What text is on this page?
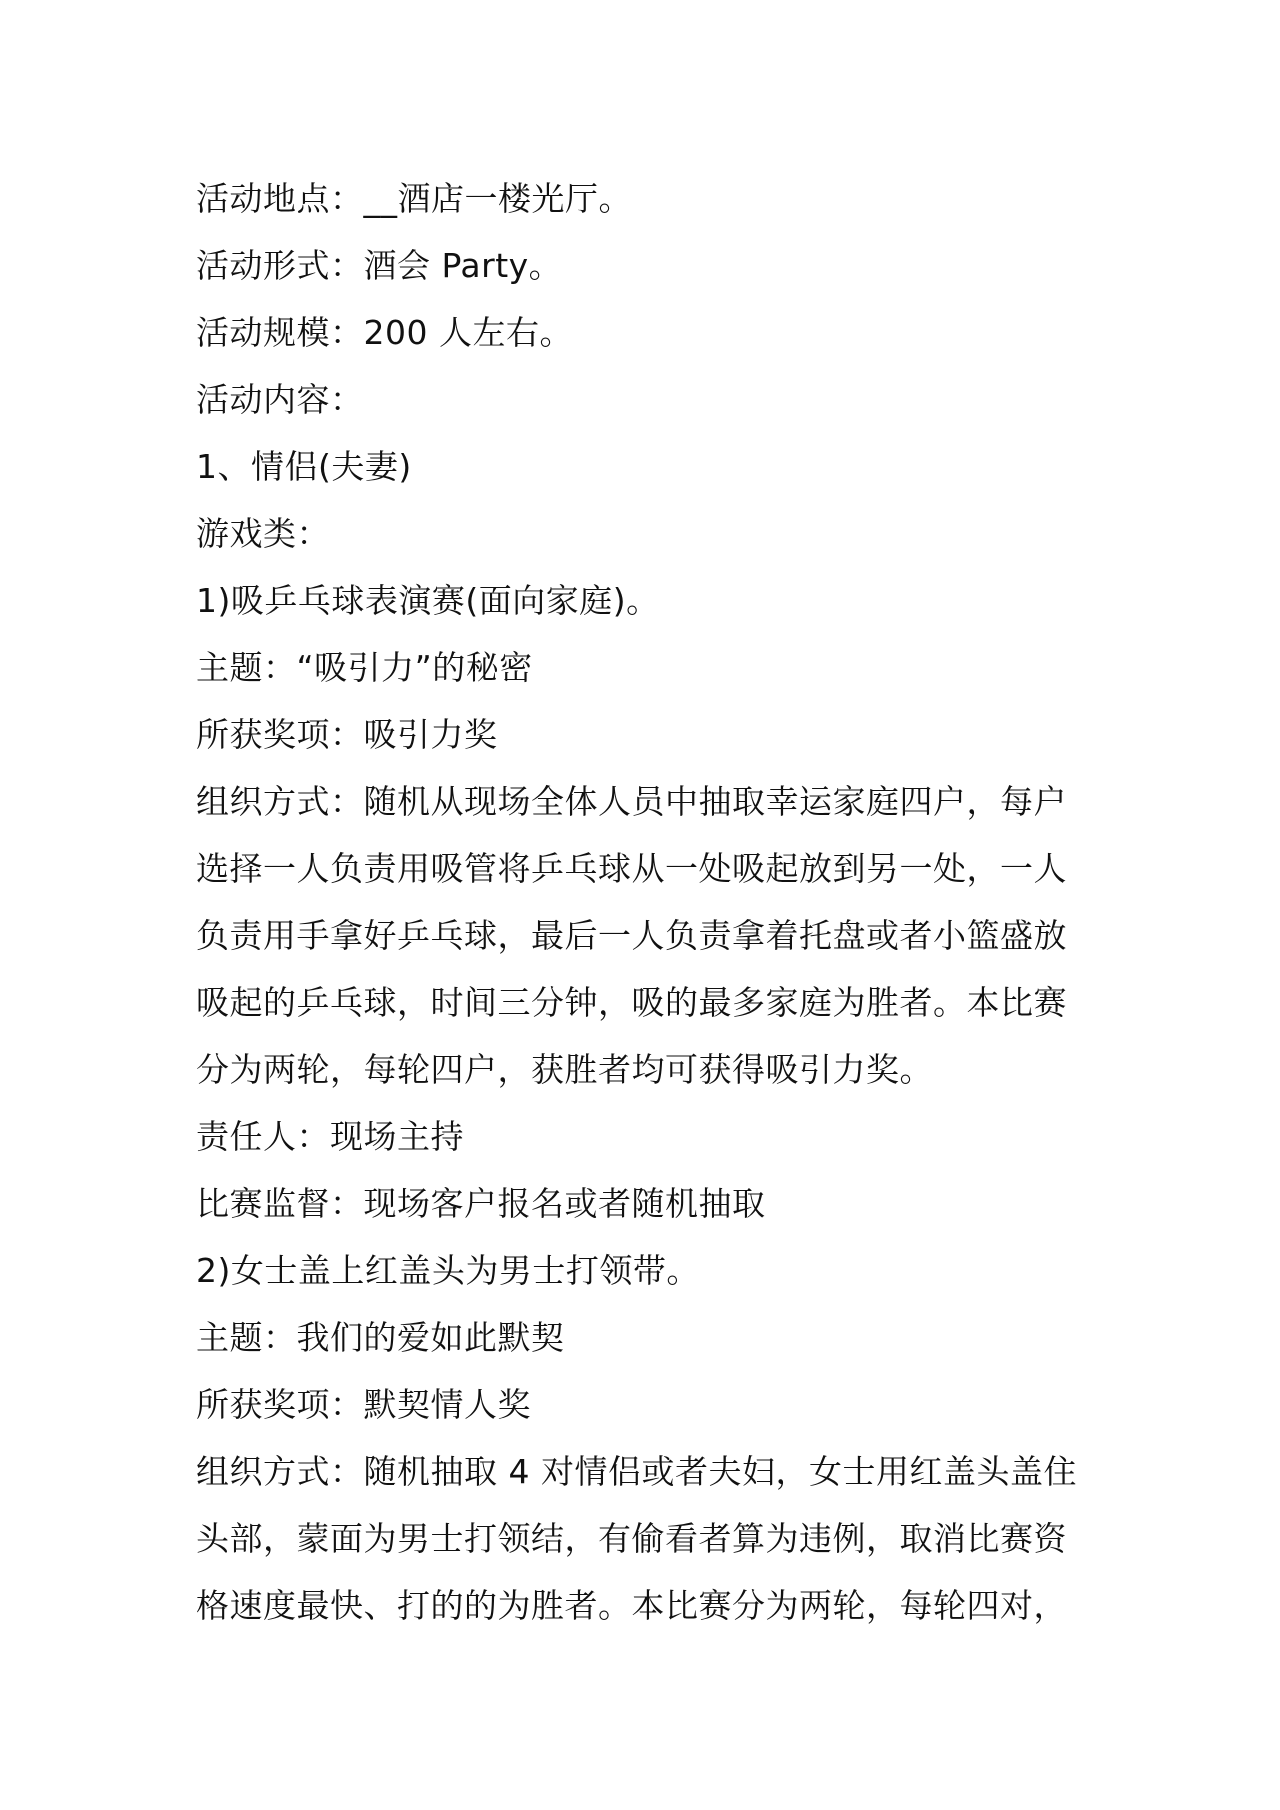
活动地点：__酒店一楼光厅。
活动形式：酒会 Party。
活动规模：200 人左右。
活动内容：
1、情侣(夫妻)
游戏类：
1)吸乒乓球表演赛(面向家庭)。
主题：“吸引力”的秘密
所获奖项：吸引力奖
组织方式：随机从现场全体人员中抽取幸运家庭四户，每户
选择一人负责用吸管将乒乓球从一处吸起放到另一处，一人
负责用手拿好乒乓球，最后一人负责拿着托盘或者小篮盛放
吸起的乒乓球，时间三分钟，吸的最多家庭为胜者。本比赛
分为两轮，每轮四户，获胜者均可获得吸引力奖。
责任人：现场主持
比赛监督：现场客户报名或者随机抽取
2)女士盖上红盖头为男士打领带。
主题：我们的爱如此默契
所获奖项：默契情人奖
组织方式：随机抽取 4 对情侣或者夫妇，女士用红盖头盖住
头部，蒙面为男士打领结，有偷看者算为违例，取消比赛资
格速度最快、打的的为胜者。本比赛分为两轮，每轮四对，
